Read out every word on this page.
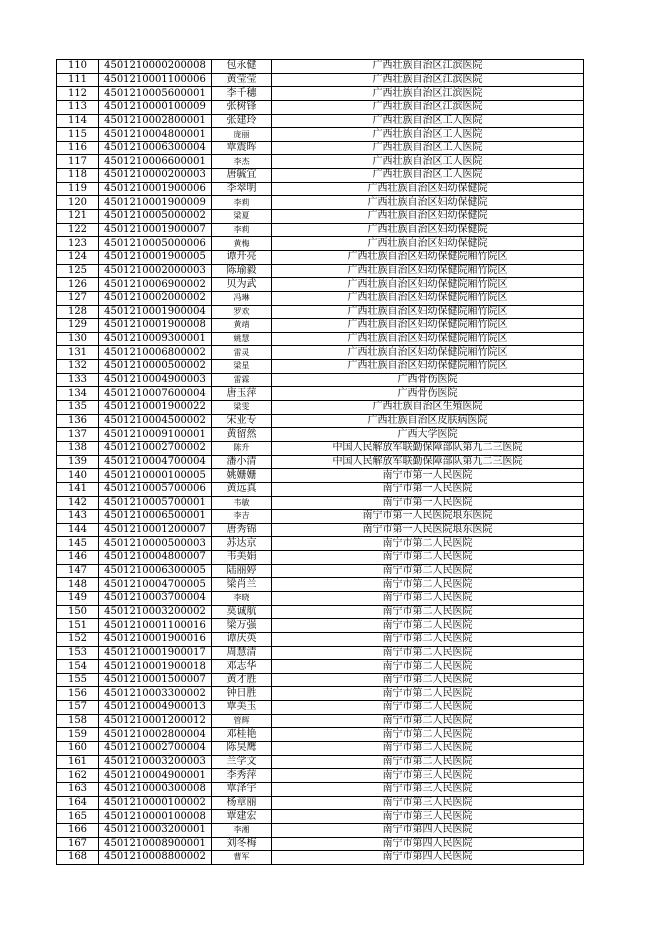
110	4501210000200008	包永健	广西壮族自治区江滨医院
111	4501210001100006	黄莹莹	广西壮族自治区江滨医院
112	4501210005600001	李千穗	广西壮族自治区江滨医院
113	4501210000100009	张树锋	广西壮族自治区江滨医院
114	4501210002800001	张建玲	广西壮族自治区工人医院
115	4501210004800001	庞丽	广西壮族自治区工人医院
116	4501210006300004	覃震晖	广西壮族自治区工人医院
117	4501210006600001	李杰	广西壮族自治区工人医院
118	4501210000200003	唐毓宜	广西壮族自治区工人医院
119	4501210001900006	李翠明	广西壮族自治区妇幼保健院
120	4501210001900009	李莉	广西壮族自治区妇幼保健院
121	4501210005000002	梁夏	广西壮族自治区妇幼保健院
122	4501210001900007	李莉	广西壮族自治区妇幼保健院
123	4501210005000006	黄梅	广西壮族自治区妇幼保健院
124	4501210001900005	谭开亮	广西壮族自治区妇幼保健院厢竹院区
125	4501210002000003	陈瑜毅	广西壮族自治区妇幼保健院厢竹院区
126	4501210006900002	贝为武	广西壮族自治区妇幼保健院厢竹院区
127	4501210002000002	冯琳	广西壮族自治区妇幼保健院厢竹院区
128	4501210001900004	罗欢	广西壮族自治区妇幼保健院厢竹院区
129	4501210001900008	黄靖	广西壮族自治区妇幼保健院厢竹院区
130	4501210009300001	姚慧	广西壮族自治区妇幼保健院厢竹院区
131	4501210006800002	雷灵	广西壮族自治区妇幼保健院厢竹院区
132	4501210000500002	梁星	广西壮族自治区妇幼保健院厢竹院区
133	4501210004900003	雷霖	广西骨伤医院
134	4501210007600004	唐玉萍	广西骨伤医院
135	4501210001900022	梁雯	广西壮族自治区生殖医院
136	4501210004500002	宋业专	广西壮族自治区皮肤病医院
137	4501210009100001	黄留然	广西大学医院
138	4501210002700002	陈升	中国人民解放军联勤保障部队第九二三医院
139	4501210004700004	潘小清	中国人民解放军联勤保障部队第九二三医院
140	4501210000100005	姚姗姗	南宁市第一人民医院
141	4501210005700006	黄远真	南宁市第一人民医院
142	4501210005700001	韦敏	南宁市第一人民医院
143	4501210006500001	李吉	南宁市第一人民医院埌东医院
144	4501210001200007	唐秀锦	南宁市第一人民医院埌东医院
145	4501210000500003	苏达京	南宁市第二人民医院
146	4501210004800007	韦美娟	南宁市第二人民医院
147	4501210006300005	陆丽婷	南宁市第二人民医院
148	4501210004700005	梁肖兰	南宁市第二人民医院
149	4501210003700004	李晓	南宁市第二人民医院
150	4501210003200002	莫诚航	南宁市第二人民医院
151	4501210001100016	梁万强	南宁市第二人民医院
152	4501210001900016	谭庆英	南宁市第二人民医院
153	4501210001900017	周慧清	南宁市第二人民医院
154	4501210001900018	邓志华	南宁市第二人民医院
155	4501210001500007	黄才胜	南宁市第二人民医院
156	4501210003300002	钟日胜	南宁市第二人民医院
157	4501210004900013	覃美玉	南宁市第二人民医院
158	4501210001200012	管辉	南宁市第二人民医院
159	4501210002800004	邓桂艳	南宁市第二人民医院
160	4501210002700004	陈昊鹰	南宁市第二人民医院
161	4501210003200003	兰学文	南宁市第二人民医院
162	4501210004900001	李秀萍	南宁市第三人民医院
163	4501210000300008	覃泽宇	南宁市第三人民医院
164	4501210000100002	杨章丽	南宁市第三人民医院
165	4501210000100008	覃建宏	南宁市第三人民医院
166	4501210003200001	李湘	南宁市第四人民医院
167	4501210008900001	刘冬梅	南宁市第四人民医院
168	4501210008800002	曹军	南宁市第四人民医院
